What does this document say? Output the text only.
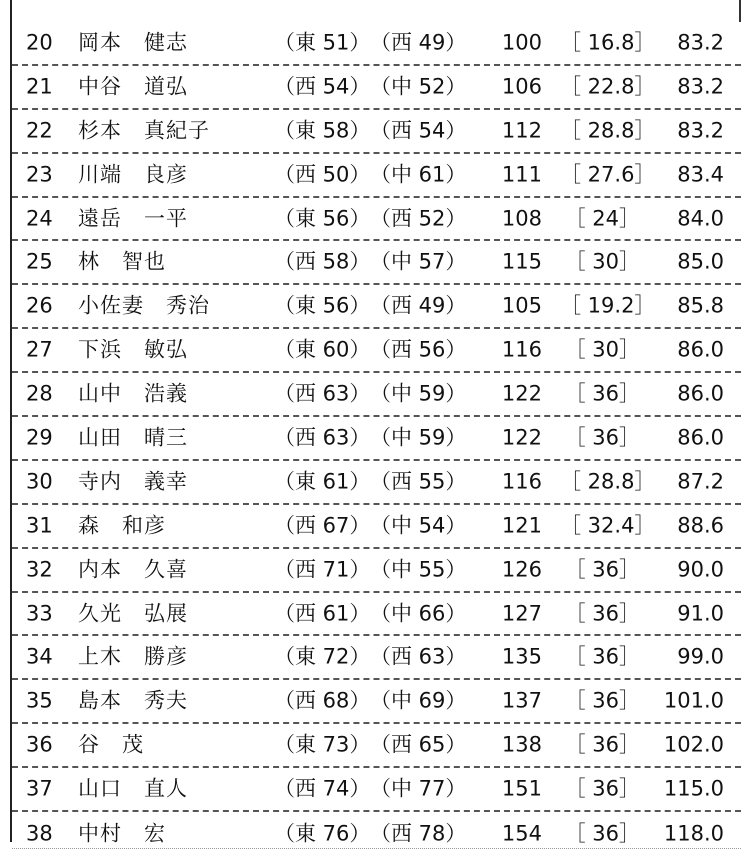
20	岡本　健志	（東 51） （西 49）	100 ［ 16.8］	83.2
21	中谷　道弘	（西 54） （中 52）	106 ［ 22.8］	83.2
22	杉本　真紀子	（東 58） （西 54）	112 ［ 28.8］	83.2
23	川端　良彦	（西 50） （中 61）	111 ［ 27.6］	83.4
24	遠岳　一平	（東 56） （西 52）	108 ［ 24］	84.0
25	林　智也	（西 58） （中 57）	115 ［ 30］	85.0
26	小佐妻　秀治	（東 56） （西 49）	105 ［ 19.2］	85.8
27	下浜　敏弘	（東 60） （西 56）	116 ［ 30］	86.0
28	山中　浩義	（西 63） （中 59）	122 ［ 36］	86.0
29	山田　晴三	（西 63） （中 59）	122 ［ 36］	86.0
30	寺内　義幸	（東 61） （西 55）	116 ［ 28.8］	87.2
31	森　和彦	（西 67） （中 54）	121 ［ 32.4］	88.6
32	内本　久喜	（西 71） （中 55）	126 ［ 36］	90.0
33	久光　弘展	（西 61） （中 66）	127 ［ 36］	91.0
34	上木　勝彦	（東 72） （西 63）	135 ［ 36］	99.0
35	島本　秀夫	（西 68） （中 69）	137 ［ 36］	101.0
36	谷　茂	（東 73） （西 65）	138 ［ 36］	102.0
37	山口　直人	（西 74） （中 77）	151 ［ 36］	115.0
38	中村　宏	（東 76） （西 78）	154 ［ 36］	118.0
